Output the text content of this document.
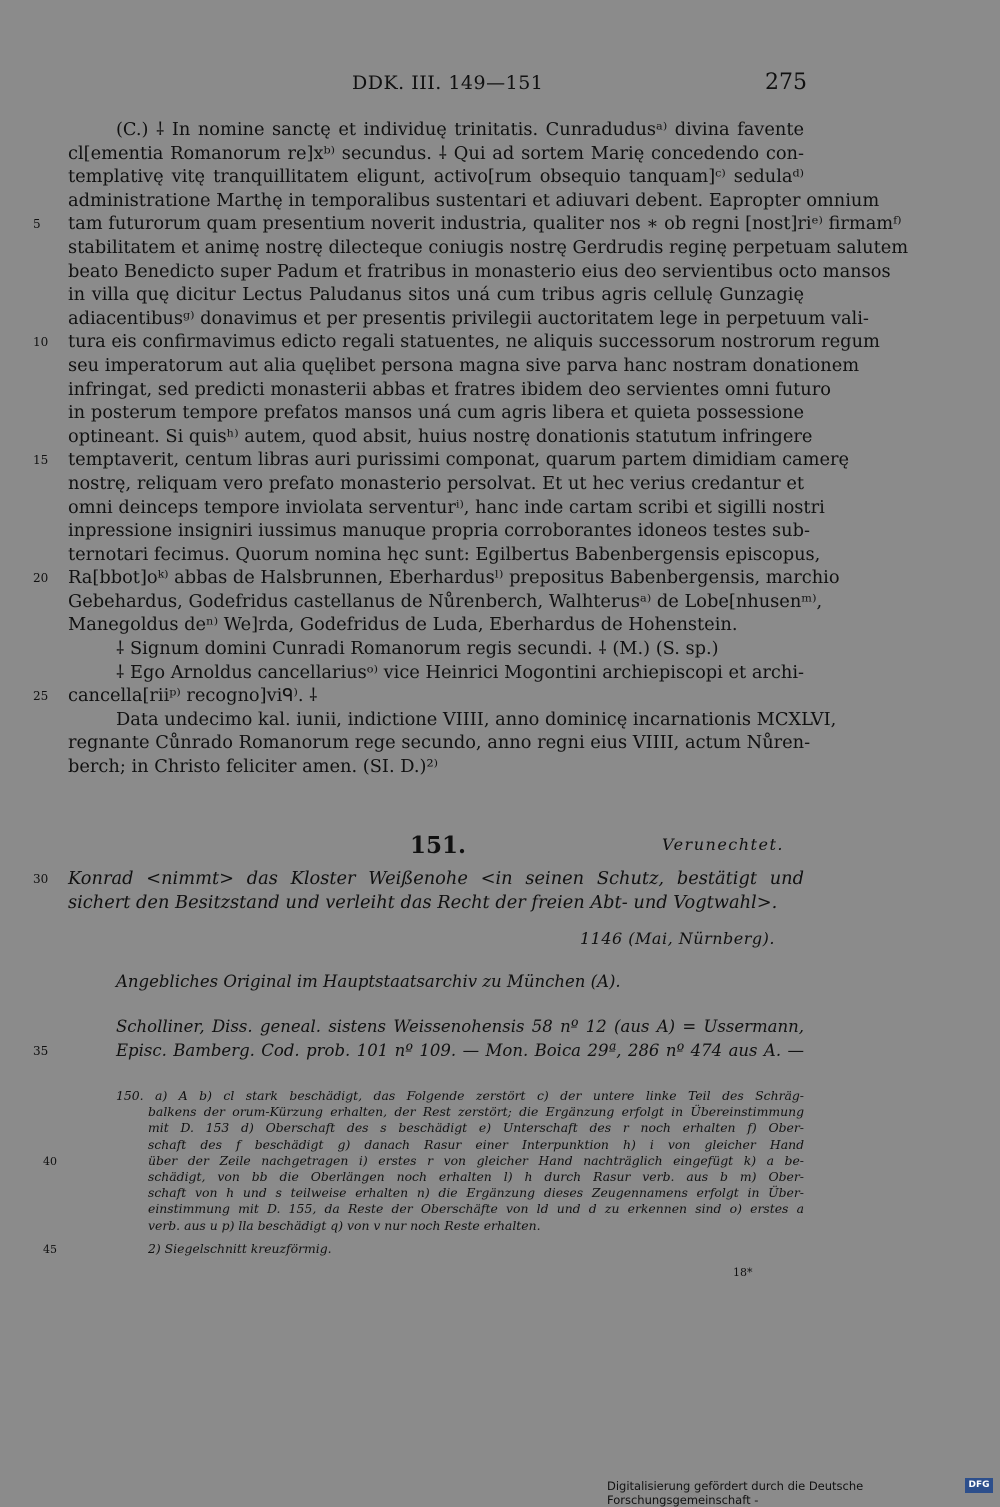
DDK. III. 149—151	275
(C.) ⸸ In nomine sanctę et individuę trinitatis. Cunradudusᵃ⁾ divina favente
cl[ementia Romanorum re]xᵇ⁾ secundus. ⸸ Qui ad sortem Marię concedendo con-
templativę vitę tranquillitatem eligunt, activo[rum obsequio tanquam]ᶜ⁾ sedulaᵈ⁾
administratione Marthę in temporalibus sustentari et adiuvari debent. Eapropter omnium
5	tam futurorum quam presentium noverit industria, qualiter nos ∗ ob regni [nost]riᵉ⁾ firmamᶠ⁾
stabilitatem et animę nostrę dilecteque coniugis nostrę Gerdrudis reginę perpetuam salutem
beato Benedicto super Padum et fratribus in monasterio eius deo servientibus octo mansos
in villa quę dicitur Lectus Paludanus sitos uná cum tribus agris cellulę Gunzagię
adiacentibusᵍ⁾ donavimus et per presentis privilegii auctoritatem lege in perpetuum vali-
10	tura eis confirmavimus edicto regali statuentes, ne aliquis successorum nostrorum regum
seu imperatorum aut alia quęlibet persona magna sive parva hanc nostram donationem
infringat, sed predicti monasterii abbas et fratres ibidem deo servientes omni futuro
in posterum tempore prefatos mansos uná cum agris libera et quieta possessione
optineant. Si quisʰ⁾ autem, quod absit, huius nostrę donationis statutum infringere
15	temptaverit, centum libras auri purissimi componat, quarum partem dimidiam camerę
nostrę, reliquam vero prefato monasterio persolvat. Et ut hec verius credantur et
omni deinceps tempore inviolata serventurⁱ⁾, hanc inde cartam scribi et sigilli nostri
inpressione insigniri iussimus manuque propria corroborantes idoneos testes sub-
ternotari fecimus. Quorum nomina hęc sunt: Egilbertus Babenbergensis episcopus,
20	Ra[bbot]oᵏ⁾ abbas de Halsbrunnen, Eberhardusˡ⁾ prepositus Babenbergensis, marchio
Gebehardus, Godefridus castellanus de Nůrenberch, Walhterusᵃ⁾ de Lobe[nhusenᵐ⁾,
Manegoldus deⁿ⁾ We]rda, Godefridus de Luda, Eberhardus de Hohenstein.
⸸ Signum domini Cunradi Romanorum regis secundi. ⸸ (M.) (S. sp.)
⸸ Ego Arnoldus cancellariusᵒ⁾ vice Heinrici Mogontini archiepiscopi et archi-
25	cancella[riiᵖ⁾ recogno]viᑫ⁾. ⸸
Data undecimo kal. iunii, indictione VIIII, anno dominicę incarnationis MCXLVI,
regnante Cůnrado Romanorum rege secundo, anno regni eius VIIII, actum Nůren-
berch; in Christo feliciter amen. (SI. D.)²⁾
151.	Verunechtet.
30	Konrad <nimmt> das Kloster Weißenohe <in seinen Schutz, bestätigt und
sichert den Besitzstand und verleiht das Recht der freien Abt- und Vogtwahl>.
1146 (Mai, Nürnberg).
Angebliches Original im Hauptstaatsarchiv zu München (A).
Scholliner, Diss. geneal. sistens Weissenohensis 58 nº 12 (aus A) = Ussermann,
35	Episc. Bamberg. Cod. prob. 101 nº 109. — Mon. Boica 29ª, 286 nº 474 aus A. —
150. a) A b) cl stark beschädigt, das Folgende zerstört c) der untere linke Teil des Schräg-
balkens der orum-Kürzung erhalten, der Rest zerstört; die Ergänzung erfolgt in Übereinstimmung
mit D. 153 d) Oberschaft des s beschädigt e) Unterschaft des r noch erhalten f) Ober-
schaft des f beschädigt g) danach Rasur einer Interpunktion h) i von gleicher Hand
40	über der Zeile nachgetragen i) erstes r von gleicher Hand nachträglich eingefügt k) a be-
schädigt, von bb die Oberlängen noch erhalten l) h durch Rasur verb. aus b m) Ober-
schaft von h und s teilweise erhalten n) die Ergänzung dieses Zeugennamens erfolgt in Über-
einstimmung mit D. 155, da Reste der Oberschäfte von ld und d zu erkennen sind o) erstes a
verb. aus u p) lla beschädigt q) von v nur noch Reste erhalten.
45	2) Siegelschnitt kreuzförmig.
18*
Digitalisierung gefördert durch die Deutsche Forschungsgemeinschaft -
DFG
